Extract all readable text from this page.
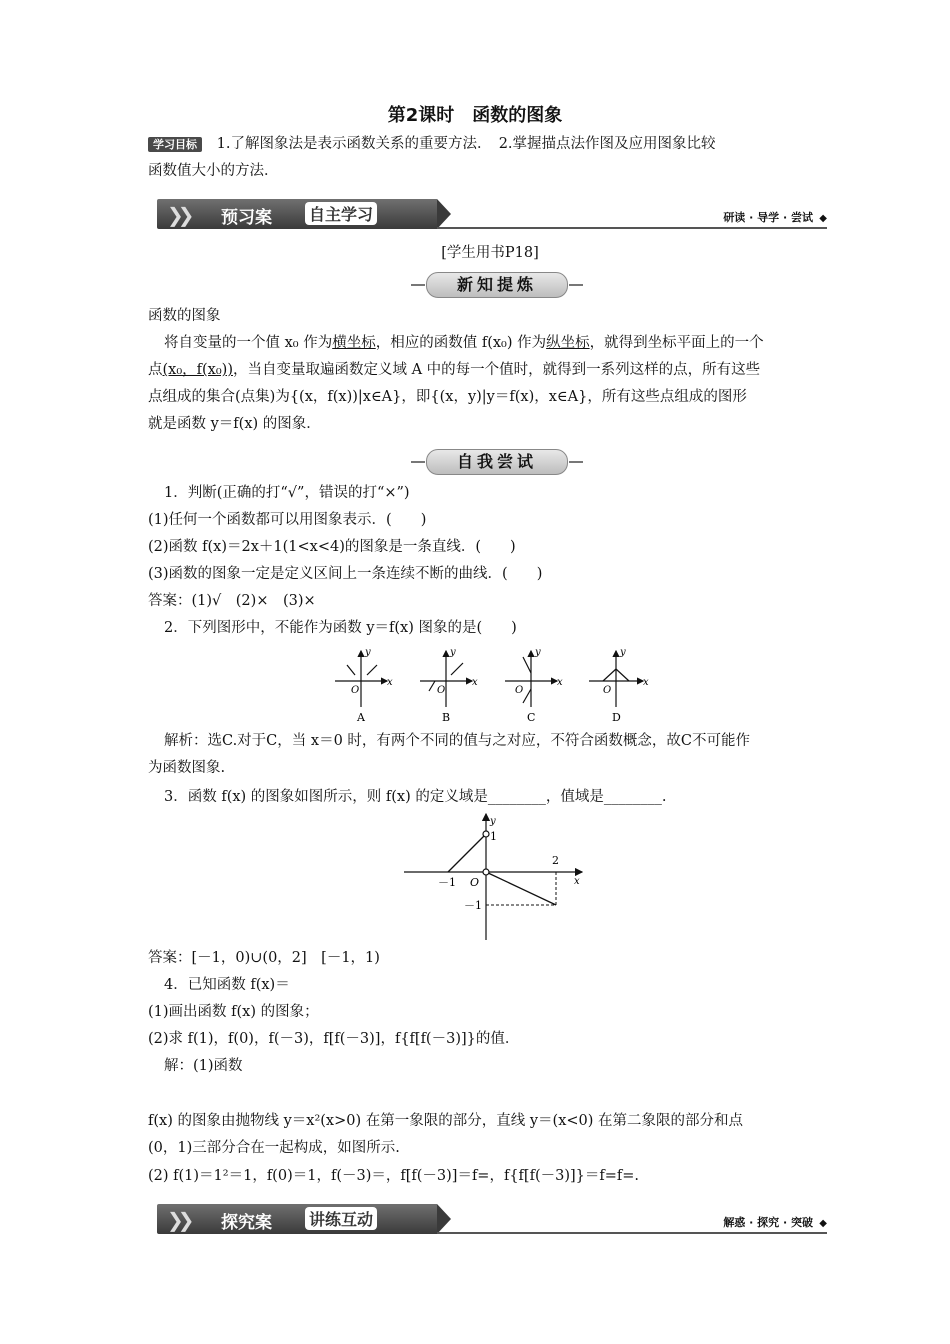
第2课时　函数的图象
学习目标 1.了解图象法是表示函数关系的重要方法．　2.掌握描点法作图及应用图象比较
函数值大小的方法．
❯❯ 预习案 自主学习	研读 · 导学 · 尝试 ◆
[学生用书P18]
新知提炼
函数的图象
将自变量的一个值 x₀ 作为横坐标，相应的函数值 f(x₀) 作为纵坐标，就得到坐标平面上的一个
点(x₀，f(x₀))，当自变量取遍函数定义域 A 中的每一个值时，就得到一系列这样的点，所有这些
点组成的集合(点集)为{(x，f(x))|x∈A}，即{(x，y)|y＝f(x)，x∈A}，所有这些点组成的图形
就是函数 y＝f(x) 的图象．
自我尝试
1．判断(正确的打“√”，错误的打“×”)
(1)任何一个函数都可以用图象表示．(　　)
(2)函数 f(x)＝2x＋1(1<x<4)的图象是一条直线．(　　)
(3)函数的图象一定是定义区间上一条连续不断的曲线．(　　)
答案：(1)√　(2)×　(3)×
2．下列图形中，不能作为函数 y＝f(x) 图象的是(　　)
y
x
O
A
y
x
O
B
y
x
O
C
y
x
O
D
解析：选C.对于C，当 x＝0 时，有两个不同的值与之对应，不符合函数概念，故C不可能作
为函数图象.
3．函数 f(x) 的图象如图所示，则 f(x) 的定义域是________，值域是________.
y
x
1
－1 O
2
－1
答案：[－1，0)∪(0，2]　[－1，1)
4．已知函数 f(x)＝
(1)画出函数 f(x) 的图象；
(2)求 f(1)，f(0)，f(－3)，f[f(－3)]，f{f[f(－3)]}的值．
解：(1)函数
f(x) 的图象由抛物线 y＝x²(x>0) 在第一象限的部分，直线 y＝(x<0) 在第二象限的部分和点
(0，1)三部分合在一起构成，如图所示.
(2) f(1)＝1²＝1，f(0)＝1，f(－3)＝，f[f(－3)]＝f=，f{f[f(－3)]}＝f=f=.
❯❯ 探究案 讲练互动	解惑 · 探究 · 突破 ◆
